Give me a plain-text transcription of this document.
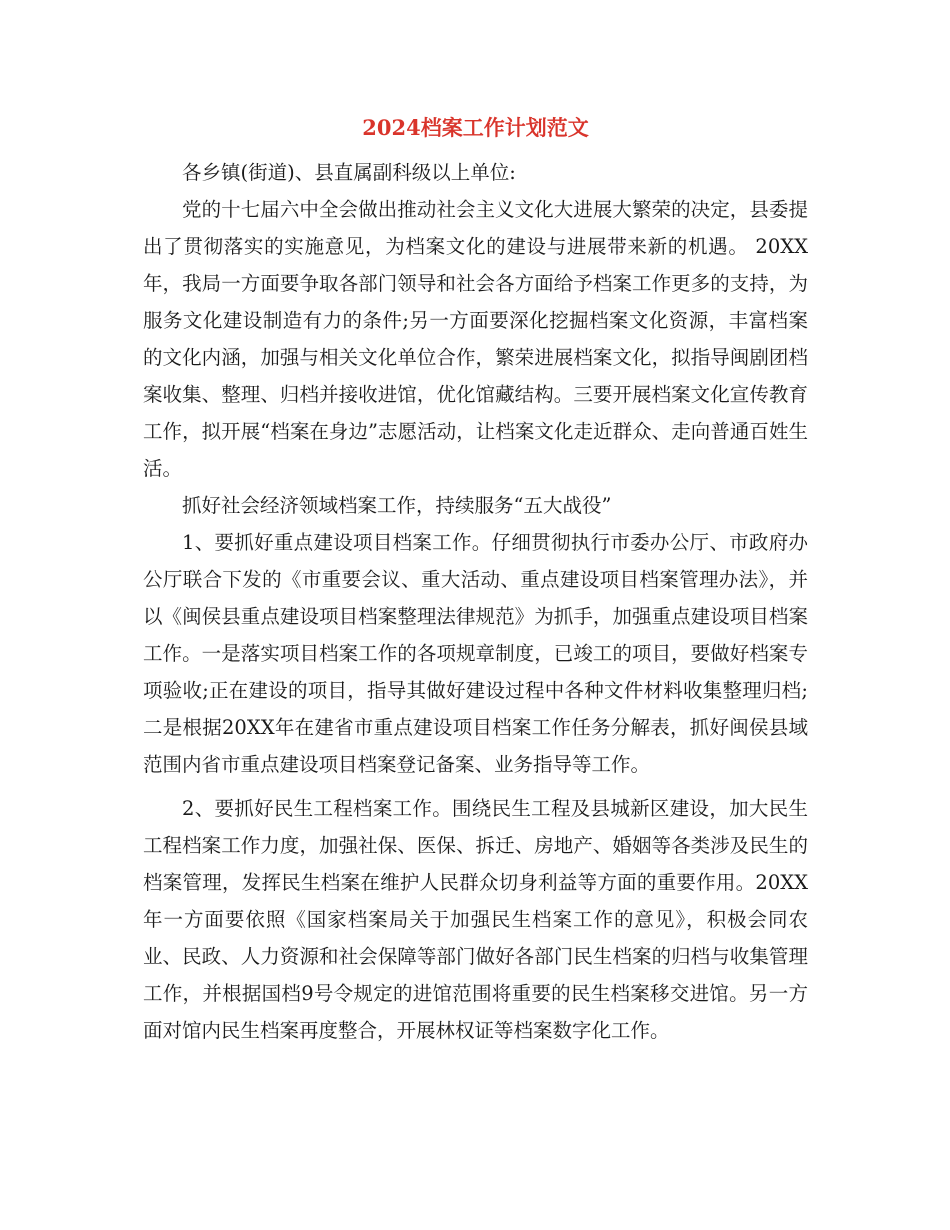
2024档案工作计划范文

各乡镇(街道)、县直属副科级以上单位:

党的十七届六中全会做出推动社会主义文化大进展大繁荣的决定，县委提出了贯彻落实的实施意见，为档案文化的建设与进展带来新的机遇。 20XX年，我局一方面要争取各部门领导和社会各方面给予档案工作更多的支持，为服务文化建设制造有力的条件;另一方面要深化挖掘档案文化资源，丰富档案的文化内涵，加强与相关文化单位合作，繁荣进展档案文化，拟指导闽剧团档案收集、整理、归档并接收进馆，优化馆藏结构。三要开展档案文化宣传教育工作，拟开展“档案在身边”志愿活动，让档案文化走近群众、走向普通百姓生活。

抓好社会经济领域档案工作，持续服务“五大战役”

1、要抓好重点建设项目档案工作。仔细贯彻执行市委办公厅、市政府办公厅联合下发的《市重要会议、重大活动、重点建设项目档案管理办法》，并以《闽侯县重点建设项目档案整理法律规范》为抓手，加强重点建设项目档案工作。一是落实项目档案工作的各项规章制度，已竣工的项目，要做好档案专项验收;正在建设的项目，指导其做好建设过程中各种文件材料收集整理归档;二是根据20XX年在建省市重点建设项目档案工作任务分解表，抓好闽侯县域范围内省市重点建设项目档案登记备案、业务指导等工作。

2、要抓好民生工程档案工作。围绕民生工程及县城新区建设，加大民生工程档案工作力度，加强社保、医保、拆迁、房地产、婚姻等各类涉及民生的档案管理，发挥民生档案在维护人民群众切身利益等方面的重要作用。20XX年一方面要依照《国家档案局关于加强民生档案工作的意见》，积极会同农业、民政、人力资源和社会保障等部门做好各部门民生档案的归档与收集管理工作，并根据国档9号令规定的进馆范围将重要的民生档案移交进馆。另一方面对馆内民生档案再度整合，开展林权证等档案数字化工作。
